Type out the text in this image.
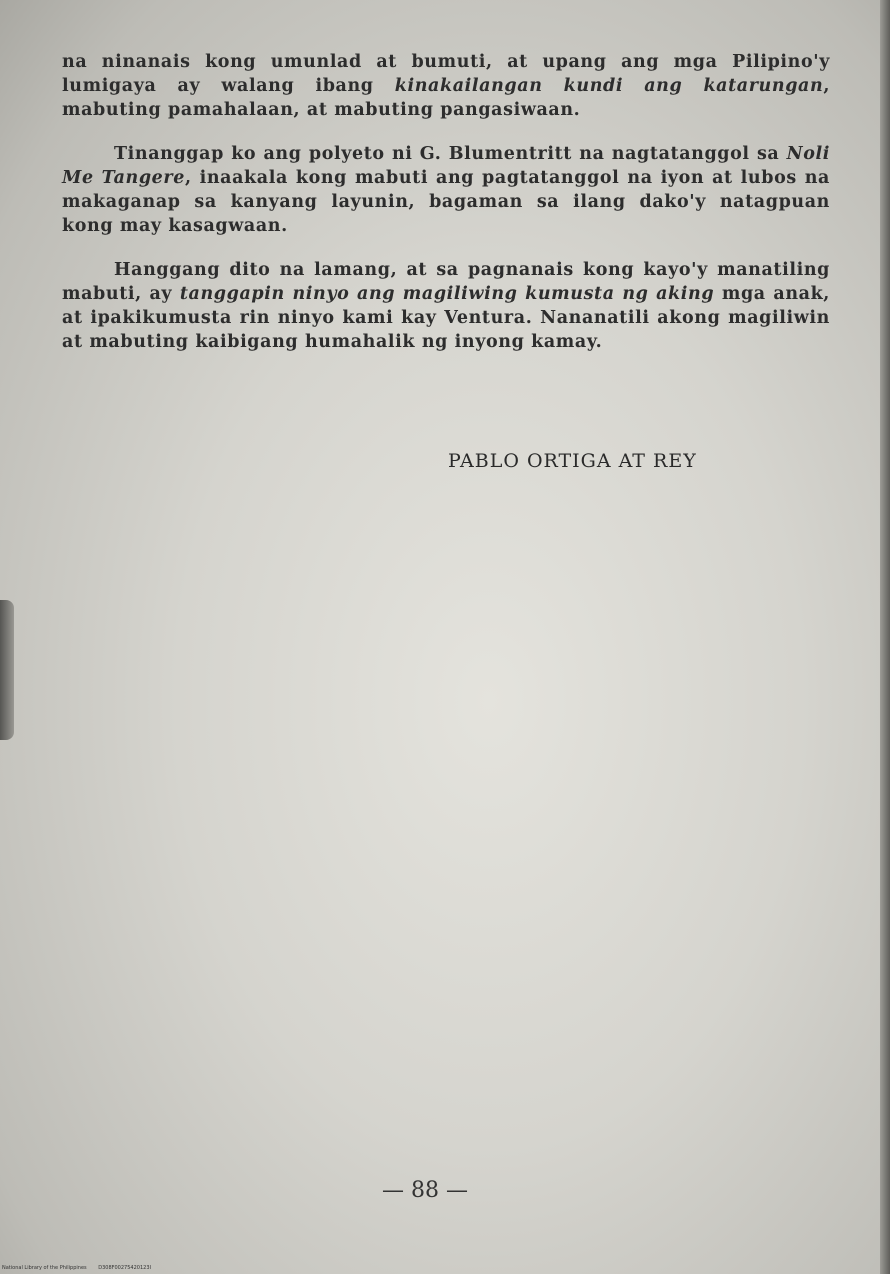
na ninanais kong umunlad at bumuti, at upang ang mga Pilipino'y lumigaya ay walang ibang kinakailangan kundi ang katarungan, mabuting pamahalaan, at mabuting pangasiwaan.

Tinanggap ko ang polyeto ni G. Blumentritt na nagtatanggol sa Noli Me Tangere, inaakala kong mabuti ang pagtatanggol na iyon at lubos na makaganap sa kanyang layunin, bagaman sa ilang dako'y natagpuan kong may kasagwaan.

Hanggang dito na lamang, at sa pagnanais kong kayo'y manatiling mabuti, ay tanggapin ninyo ang magiliwing kumusta ng aking mga anak, at ipakikumusta rin ninyo kami kay Ventura. Nananatili akong magiliwin at mabuting kaibigang humahalik ng inyong kamay.

PABLO ORTIGA AT REY
— 88 —
National Library of the Philippines D308F00275420123I
